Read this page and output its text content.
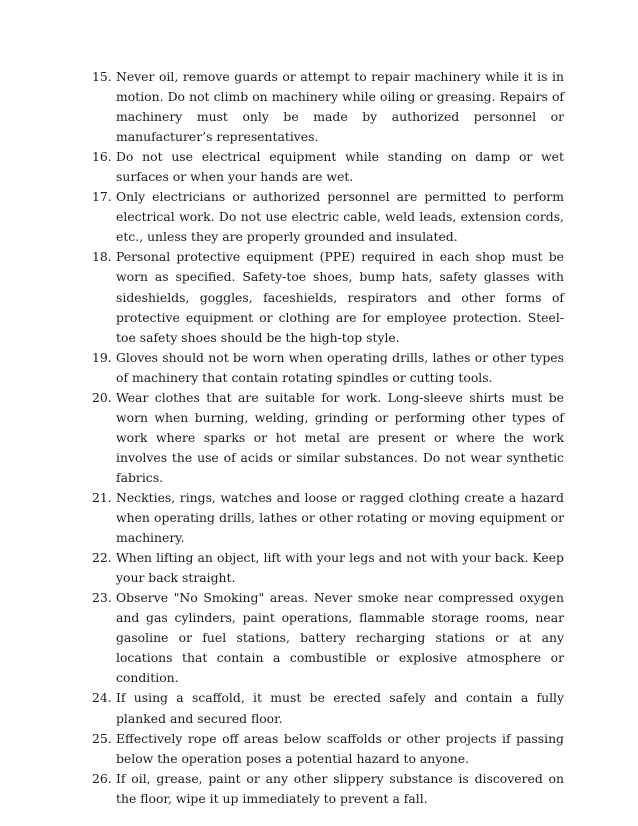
15. Never oil, remove guards or attempt to repair machinery while it is in motion. Do not climb on machinery while oiling or greasing. Repairs of machinery must only be made by authorized personnel or manufacturer’s representatives.
16. Do not use electrical equipment while standing on damp or wet surfaces or when your hands are wet.
17. Only electricians or authorized personnel are permitted to perform electrical work. Do not use electric cable, weld leads, extension cords, etc., unless they are properly grounded and insulated.
18. Personal protective equipment (PPE) required in each shop must be worn as specified. Safety-toe shoes, bump hats, safety glasses with sideshields, goggles, faceshields, respirators and other forms of protective equipment or clothing are for employee protection. Steel-toe safety shoes should be the high-top style.
19. Gloves should not be worn when operating drills, lathes or other types of machinery that contain rotating spindles or cutting tools.
20. Wear clothes that are suitable for work. Long-sleeve shirts must be worn when burning, welding, grinding or performing other types of work where sparks or hot metal are present or where the work involves the use of acids or similar substances. Do not wear synthetic fabrics.
21. Neckties, rings, watches and loose or ragged clothing create a hazard when operating drills, lathes or other rotating or moving equipment or machinery.
22. When lifting an object, lift with your legs and not with your back. Keep your back straight.
23. Observe "No Smoking" areas. Never smoke near compressed oxygen and gas cylinders, paint operations, flammable storage rooms, near gasoline or fuel stations, battery recharging stations or at any locations that contain a combustible or explosive atmosphere or condition.
24. If using a scaffold, it must be erected safely and contain a fully planked and secured floor.
25. Effectively rope off areas below scaffolds or other projects if passing below the operation poses a potential hazard to anyone.
26. If oil, grease, paint or any other slippery substance is discovered on the floor, wipe it up immediately to prevent a fall.
